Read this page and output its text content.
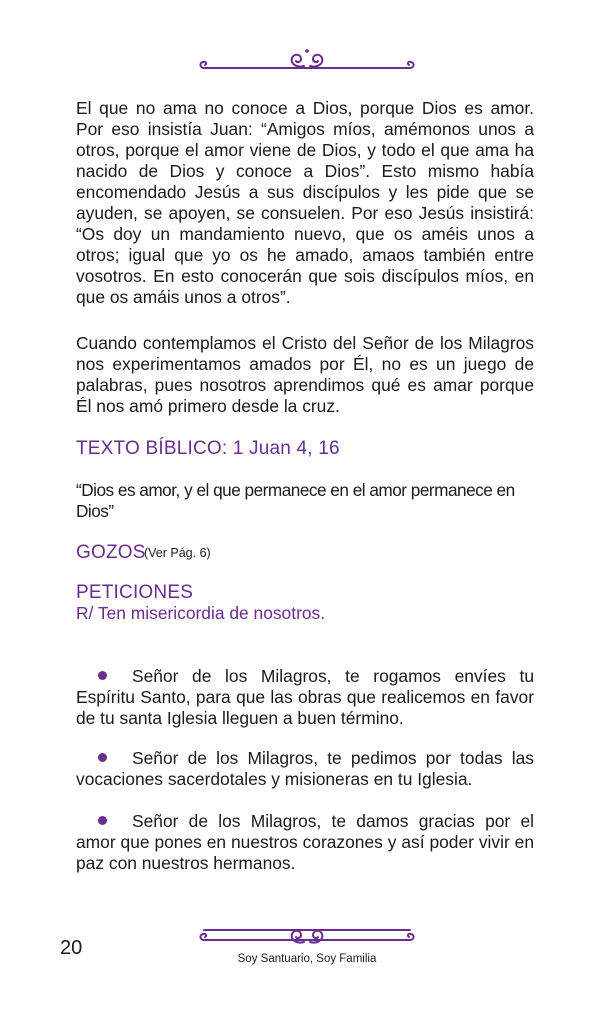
El que no ama no conoce a Dios, porque Dios es amor. Por eso insistía Juan: “Amigos míos, amémonos unos a otros, porque el amor viene de Dios, y todo el que ama ha nacido de Dios y conoce a Dios”. Esto mismo había encomendado Jesús a sus discípulos y les pide que se ayuden, se apoyen, se consuelen. Por eso Jesús insistirá: “Os doy un mandamiento nuevo, que os améis unos a otros; igual que yo os he amado, amaos también entre vosotros. En esto conocerán que sois discípulos míos, en que os amáis unos a otros”.

Cuando contemplamos el Cristo del Señor de los Milagros nos experimentamos amados por Él, no es un juego de palabras, pues nosotros aprendimos qué es amar porque Él nos amó primero desde la cruz.

TEXTO BÍBLICO: 1 Juan 4, 16

“Dios es amor, y el que permanece en el amor permanece en Dios”

GOZOS
(Ver Pág. 6)
PETICIONES

R/ Ten misericordia de nosotros.

Señor de los Milagros, te rogamos envíes tu Espíritu Santo, para que las obras que realicemos en favor de tu santa Iglesia lleguen a buen término.

Señor de los Milagros, te pedimos por todas las vocaciones sacerdotales y misioneras en tu Iglesia.

Señor de los Milagros, te damos gracias por el amor que pones en nuestros corazones y así poder vivir en paz con nuestros hermanos.

20	Soy Santuario, Soy Familia
